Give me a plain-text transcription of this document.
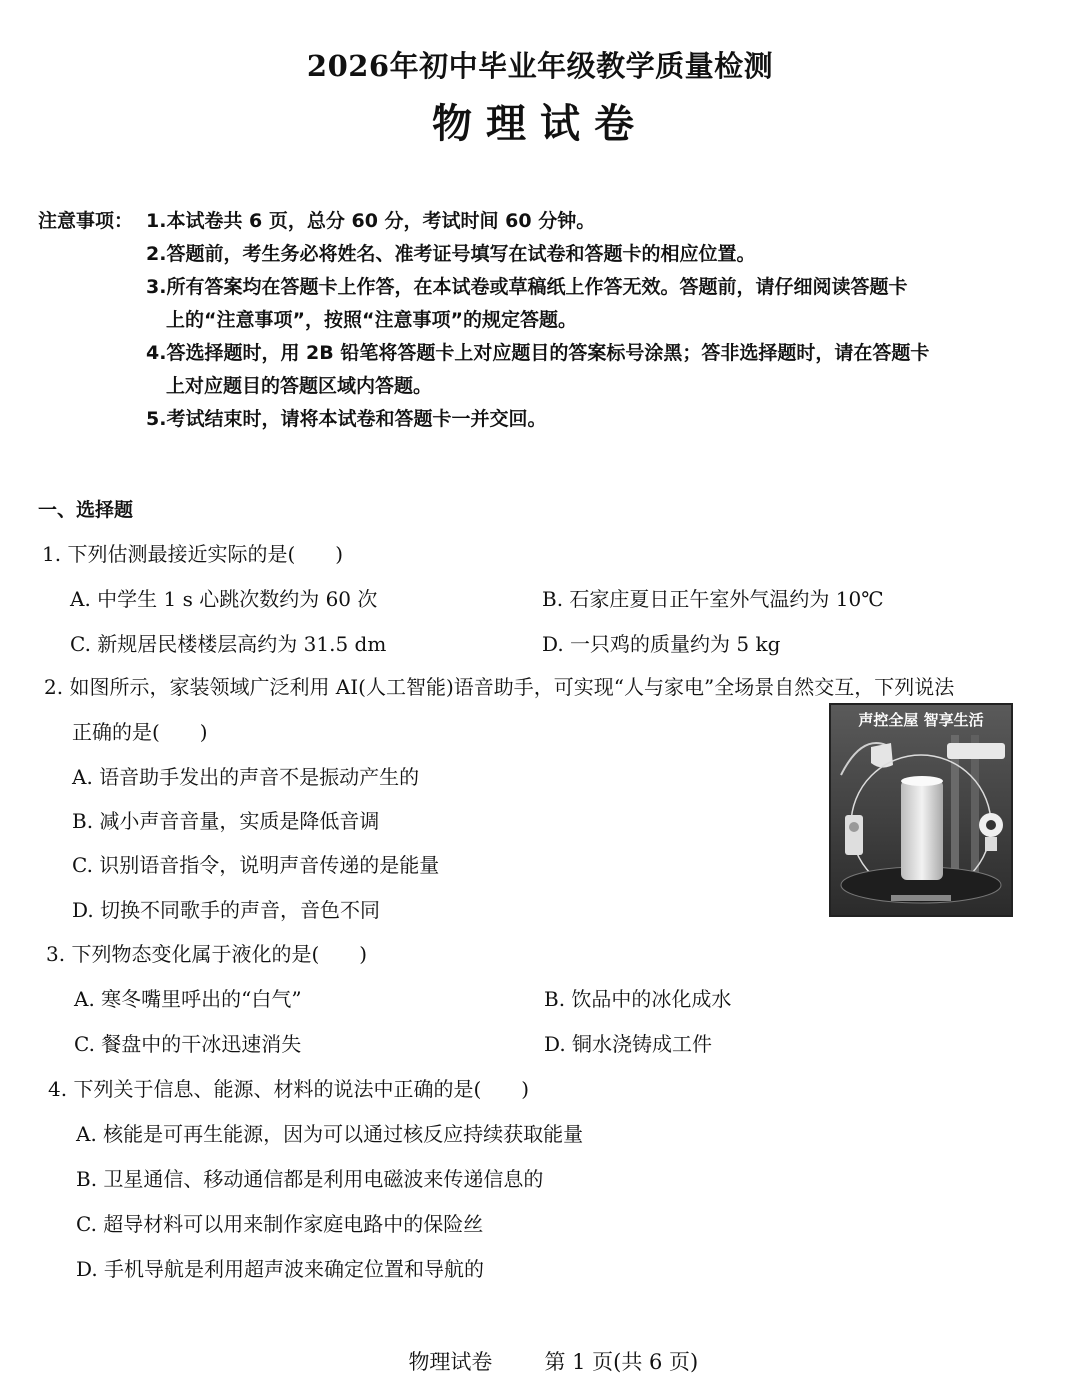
2026年初中毕业年级教学质量检测
物理试卷
注意事项： 1.本试卷共 6 页，总分 60 分，考试时间 60 分钟。
2.答题前，考生务必将姓名、准考证号填写在试卷和答题卡的相应位置。
3.所有答案均在答题卡上作答，在本试卷或草稿纸上作答无效。答题前，请仔细阅读答题卡
上的“注意事项”，按照“注意事项”的规定答题。
4.答选择题时，用 2B 铅笔将答题卡上对应题目的答案标号涂黑；答非选择题时，请在答题卡
上对应题目的答题区域内答题。
5.考试结束时，请将本试卷和答题卡一并交回。
一、选择题
1. 下列估测最接近实际的是(　　)
A. 中学生 1 s 心跳次数约为 60 次	B. 石家庄夏日正午室外气温约为 10℃
C. 新规居民楼楼层高约为 31.5 dm	D. 一只鸡的质量约为 5 kg
2. 如图所示，家装领域广泛利用 AI(人工智能)语音助手，可实现“人与家电”全场景自然交互，下列说法
正确的是(　　)
A. 语音助手发出的声音不是振动产生的
B. 减小声音音量，实质是降低音调
C. 识别语音指令，说明声音传递的是能量
D. 切换不同歌手的声音，音色不同
声控全屋 智享生活
3. 下列物态变化属于液化的是(　　)
A. 寒冬嘴里呼出的“白气”	B. 饮品中的冰化成水
C. 餐盘中的干冰迅速消失	D. 铜水浇铸成工件
4. 下列关于信息、能源、材料的说法中正确的是(　　)
A. 核能是可再生能源，因为可以通过核反应持续获取能量
B. 卫星通信、移动通信都是利用电磁波来传递信息的
C. 超导材料可以用来制作家庭电路中的保险丝
D. 手机导航是利用超声波来确定位置和导航的

物理试卷 第 1 页(共 6 页)
